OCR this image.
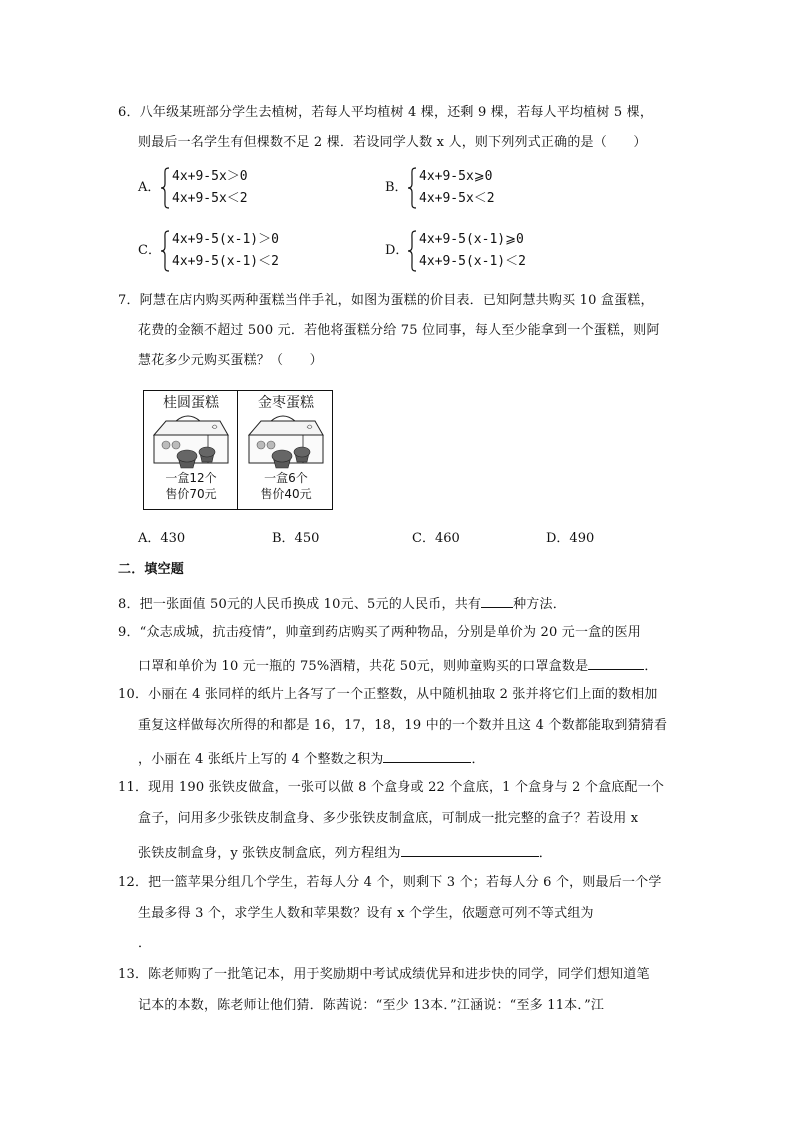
6．八年级某班部分学生去植树，若每人平均植树 4 棵，还剩 9 棵，若每人平均植树 5 棵，
则最后一名学生有但棵数不足 2 棵．若设同学人数 x 人，则下列列式正确的是（　　）
A．
4x+9-5x＞0
4x+9-5x＜2
B．
4x+9-5x⩾0
4x+9-5x＜2
C．
4x+9-5(x-1)＞0
4x+9-5(x-1)＜2
D．
4x+9-5(x-1)⩾0
4x+9-5(x-1)＜2
7．阿慧在店内购买两种蛋糕当伴手礼，如图为蛋糕的价目表．已知阿慧共购买 10 盒蛋糕，
花费的金额不超过 500 元．若他将蛋糕分给 75 位同事，每人至少能拿到一个蛋糕，则阿
慧花多少元购买蛋糕？（　　）
桂圆蛋糕
一盒12个
售价70元
金枣蛋糕
一盒6个
售价40元
A．430	B．450	C．460	D．490
二．填空题
8．把一张面值 50元的人民币换成 10元、5元的人民币，共有 种方法．
9．“众志成城，抗击疫情”，帅童到药店购买了两种物品，分别是单价为 20 元一盒的医用
口罩和单价为 10 元一瓶的 75%酒精，共花 50元，则帅童购买的口罩盒数是	．
10．小丽在 4 张同样的纸片上各写了一个正整数，从中随机抽取 2 张并将它们上面的数相加
重复这样做每次所得的和都是 16，17，18，19 中的一个数并且这 4 个数都能取到猜猜看
，小丽在 4 张纸片上写的 4 个整数之积为	．
11．现用 190 张铁皮做盒，一张可以做 8 个盒身或 22 个盒底，1 个盒身与 2 个盒底配一个
盒子，问用多少张铁皮制盒身、多少张铁皮制盒底，可制成一批完整的盒子？若设用 x
张铁皮制盒身，y 张铁皮制盒底，列方程组为	．
12．把一篮苹果分组几个学生，若每人分 4 个，则剩下 3 个；若每人分 6 个，则最后一个学
生最多得 3 个，求学生人数和苹果数？设有 x 个学生，依题意可列不等式组为
．
13．陈老师购了一批笔记本，用于奖励期中考试成绩优异和进步快的同学，同学们想知道笔
记本的本数，陈老师让他们猜．陈茜说：“至少 13本．”江涵说：“至多 11本．”江
